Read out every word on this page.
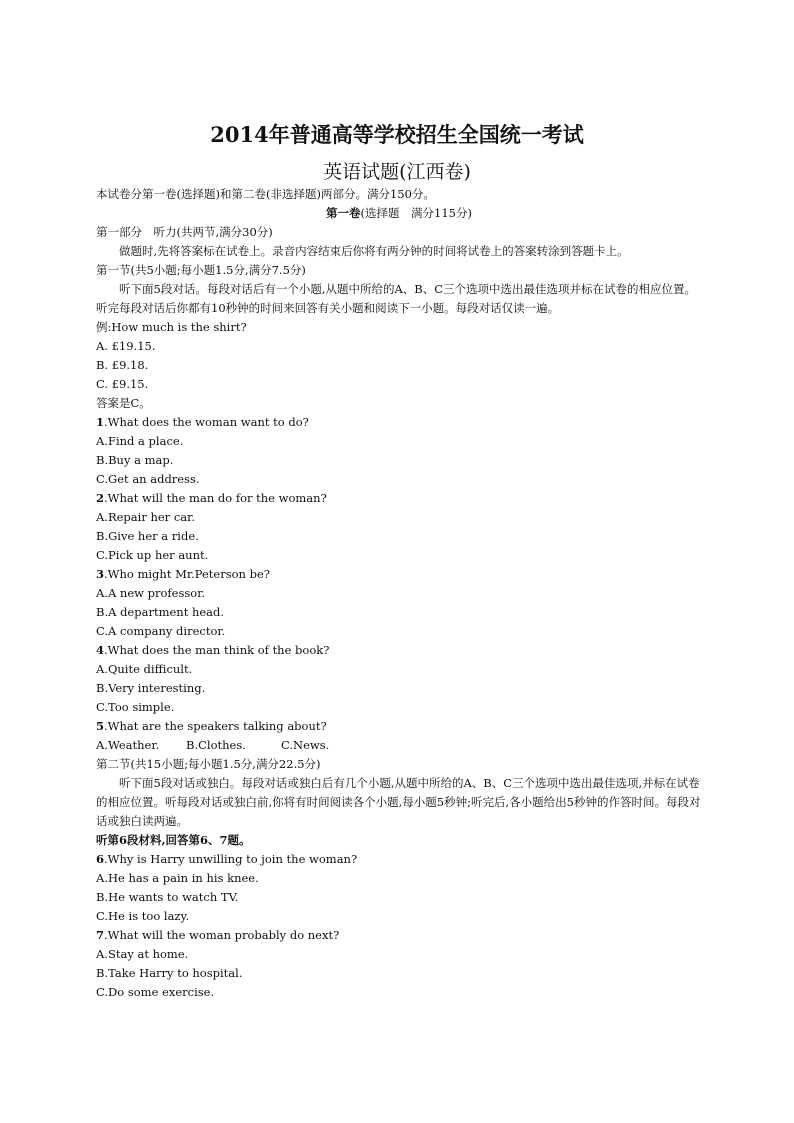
2014年普通高等学校招生全国统一考试
英语试题(江西卷)
本试卷分第一卷(选择题)和第二卷(非选择题)两部分。满分150分。
第一卷(选择题　满分115分)
第一部分　听力(共两节,满分30分)
做题时,先将答案标在试卷上。录音内容结束后你将有两分钟的时间将试卷上的答案转涂到答题卡上。
第一节(共5小题;每小题1.5分,满分7.5分)
听下面5段对话。每段对话后有一个小题,从题中所给的A、B、C三个选项中选出最佳选项并标在试卷的相应位置。听完每段对话后你都有10秒钟的时间来回答有关小题和阅读下一小题。每段对话仅读一遍。
例:How much is the shirt?
A. £19.15.
B. £9.18.
C. £9.15.
答案是C。
1.What does the woman want to do?
A.Find a place.
B.Buy a map.
C.Get an address.
2.What will the man do for the woman?
A.Repair her car.
B.Give her a ride.
C.Pick up her aunt.
3.Who might Mr.Peterson be?
A.A new professor.
B.A department head.
C.A company director.
4.What does the man think of the book?
A.Quite difficult.
B.Very interesting.
C.Too simple.
5.What are the speakers talking about?
A.Weather. B.Clothes.	C.News.
第二节(共15小题;每小题1.5分,满分22.5分)
听下面5段对话或独白。每段对话或独白后有几个小题,从题中所给的A、B、C三个选项中选出最佳选项,并标在试卷的相应位置。听每段对话或独白前,你将有时间阅读各个小题,每小题5秒钟;听完后,各小题给出5秒钟的作答时间。每段对话或独白读两遍。
听第6段材料,回答第6、7题。
6.Why is Harry unwilling to join the woman?
A.He has a pain in his knee.
B.He wants to watch TV.
C.He is too lazy.
7.What will the woman probably do next?
A.Stay at home.
B.Take Harry to hospital.
C.Do some exercise.
